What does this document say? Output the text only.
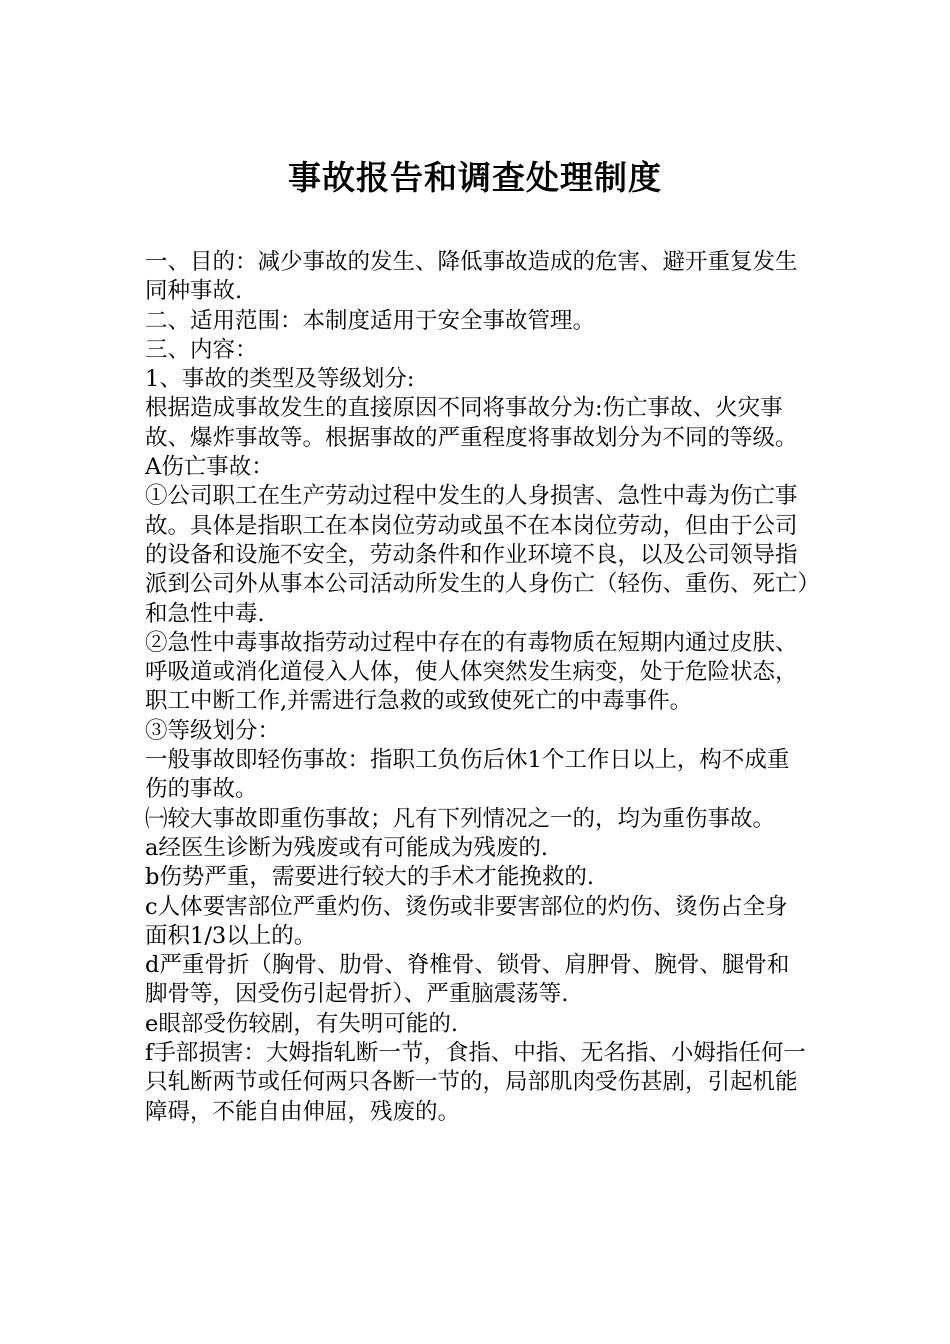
事故报告和调查处理制度

一、目的：减少事故的发生、降低事故造成的危害、避开重复发生同种事故.

二、适用范围：本制度适用于安全事故管理。

三、内容：

1、事故的类型及等级划分:

根据造成事故发生的直接原因不同将事故分为:伤亡事故、火灾事故、爆炸事故等。根据事故的严重程度将事故划分为不同的等级。

A伤亡事故：

①公司职工在生产劳动过程中发生的人身损害、急性中毒为伤亡事故。具体是指职工在本岗位劳动或虽不在本岗位劳动，但由于公司的设备和设施不安全，劳动条件和作业环境不良，以及公司领导指派到公司外从事本公司活动所发生的人身伤亡（轻伤、重伤、死亡）和急性中毒.

②急性中毒事故指劳动过程中存在的有毒物质在短期内通过皮肤、呼吸道或消化道侵入人体，使人体突然发生病变，处于危险状态，职工中断工作,并需进行急救的或致使死亡的中毒事件。

③等级划分：

一般事故即轻伤事故：指职工负伤后休1个工作日以上，构不成重伤的事故。

㈠较大事故即重伤事故；凡有下列情况之一的，均为重伤事故。

a经医生诊断为残废或有可能成为残废的.

b伤势严重，需要进行较大的手术才能挽救的.

c人体要害部位严重灼伤、烫伤或非要害部位的灼伤、烫伤占全身面积1/3以上的。

d严重骨折（胸骨、肋骨、脊椎骨、锁骨、肩胛骨、腕骨、腿骨和脚骨等，因受伤引起骨折）、严重脑震荡等.

e眼部受伤较剧，有失明可能的.

f手部损害：大姆指轧断一节，食指、中指、无名指、小姆指任何一只轧断两节或任何两只各断一节的，局部肌肉受伤甚剧，引起机能障碍，不能自由伸屈，残废的。
